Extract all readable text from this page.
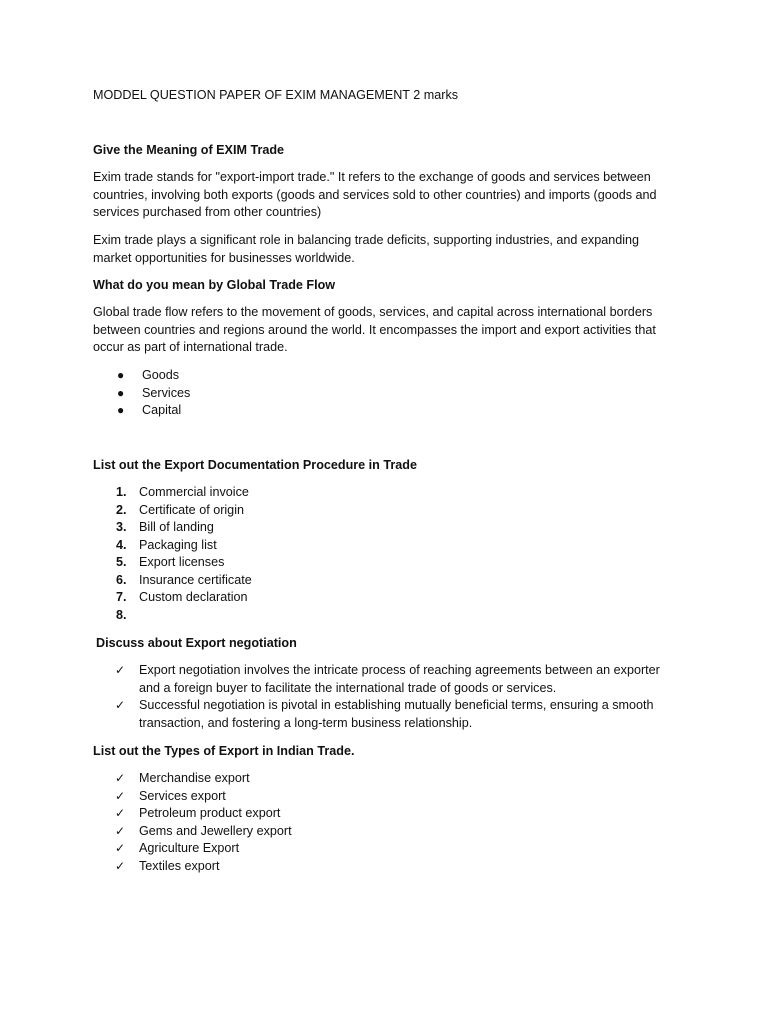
MODDEL QUESTION PAPER OF EXIM MANAGEMENT 2 marks

Give the Meaning of EXIM Trade

Exim trade stands for "export-import trade." It refers to the exchange of goods and services between countries, involving both exports (goods and services sold to other countries) and imports (goods and services purchased from other countries)

Exim trade plays a significant role in balancing trade deficits, supporting industries, and expanding market opportunities for businesses worldwide.

What do you mean by Global Trade Flow

Global trade flow refers to the movement of goods, services, and capital across international borders between countries and regions around the world. It encompasses the import and export activities that occur as part of international trade.

● Goods
● Services
● Capital

List out the Export Documentation Procedure in Trade

1. Commercial invoice
2. Certificate of origin
3. Bill of landing
4. Packaging list
5. Export licenses
6. Insurance certificate
7. Custom declaration
8.

Discuss about Export negotiation

✓ Export negotiation involves the intricate process of reaching agreements between an exporter and a foreign buyer to facilitate the international trade of goods or services.
✓ Successful negotiation is pivotal in establishing mutually beneficial terms, ensuring a smooth transaction, and fostering a long-term business relationship.

List out the Types of Export in Indian Trade.

✓ Merchandise export
✓ Services export
✓ Petroleum product export
✓ Gems and Jewellery export
✓ Agriculture Export
✓ Textiles export
